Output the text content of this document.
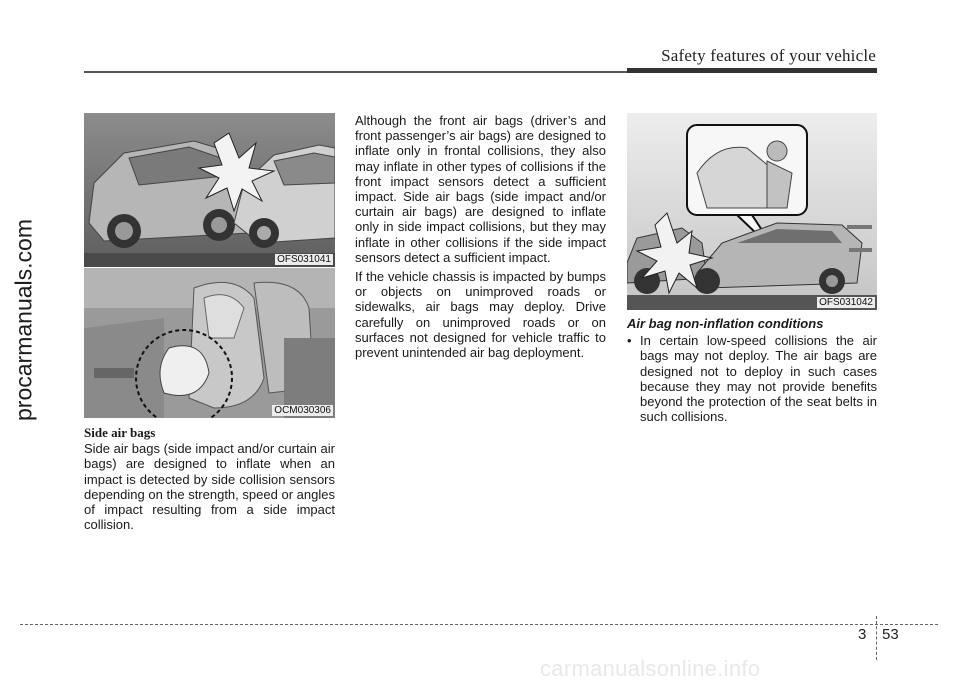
Safety features of your vehicle
procarmanuals.com	OFS031041
OCM030306
OFS031042
Side air bags

Side air bags (side impact and/or curtain air bags) are designed to inflate when an impact is detected by side collision sensors depending on the strength, speed or angles of impact resulting from a side impact collision.

Although the front air bags (driver’s and front passenger’s air bags) are designed to inflate only in frontal collisions, they also may inflate in other types of collisions if the front impact sensors detect a sufficient impact. Side air bags (side impact and/or curtain air bags) are designed to inflate only in side impact collisions, but they may inflate in other collisions if the side impact sensors detect a sufficient impact.

If the vehicle chassis is impacted by bumps or objects on unimproved roads or sidewalks, air bags may deploy. Drive carefully on unimproved roads or on surfaces not designed for vehicle traffic to prevent unintended air bag deployment.

Air bag non-inflation conditions

• In certain low-speed collisions the air bags may not deploy. The air bags are designed not to deploy in such cases because they may not provide benefits beyond the protection of the seat belts in such collisions.

3 53
carmanualsonline.info
